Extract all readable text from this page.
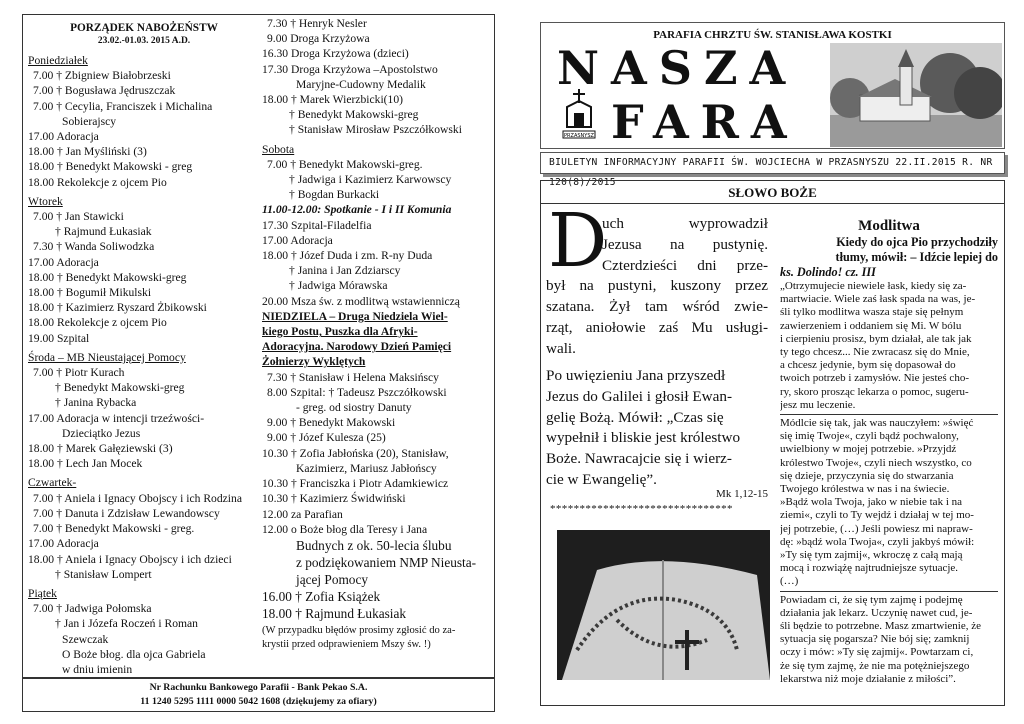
PORZĄDEK NABOŻEŃSTW
23.02.-01.03. 2015 A.D.
Poniedziałek
7.00 † Zbigniew Białobrzeski
7.00 † Bogusława Jędruszczak
7.00 † Cecylia, Franciszek i Michalina
Sobierajscy
17.00 Adoracja
18.00 † Jan Myśliński (3)
18.00 † Benedykt Makowski - greg
18.00 Rekolekcje z ojcem Pio
Wtorek
7.00 † Jan Stawicki
† Rajmund Łukasiak
7.30 † Wanda Soliwodzka
17.00 Adoracja
18.00 † Benedykt Makowski-greg
18.00 † Bogumił Mikulski
18.00 † Kazimierz Ryszard Żbikowski
18.00 Rekolekcje z ojcem Pio
19.00 Szpital
Środa – MB Nieustającej Pomocy
7.00 † Piotr Kurach
† Benedykt Makowski-greg
† Janina Rybacka
17.00 Adoracja w intencji trzeźwości-
Dzieciątko Jezus
18.00 † Marek Gałęziewski (3)
18.00 † Lech Jan Mocek
Czwartek-
7.00 † Aniela i Ignacy Obojscy i ich Rodzina
7.00 † Danuta i Zdzisław Lewandowscy
7.00 † Benedykt Makowski - greg.
17.00 Adoracja
18.00 † Aniela i Ignacy Obojscy i ich dzieci
† Stanisław Lompert
Piątek
7.00 † Jadwiga Połomska
† Jan i Józefa Roczeń i Roman
Szewczak
O Boże błog. dla ojca Gabriela
w dniu imienin
7.30 † Henryk Nesler
9.00 Droga Krzyżowa
16.30 Droga Krzyżowa (dzieci)
17.30 Droga Krzyżowa –Apostolstwo
Maryjne-Cudowny Medalik
18.00 † Marek Wierzbicki(10)
† Benedykt Makowski-greg
† Stanisław Mirosław Pszczółkowski
Sobota
7.00 † Benedykt Makowski-greg.
† Jadwiga i Kazimierz Karwowscy
† Bogdan Burkacki
11.00-12.00: Spotkanie - I i II Komunia
17.30 Szpital-Filadelfia
17.00 Adoracja
18.00 † Józef Duda i zm. R-ny Duda
† Janina i Jan Zdziarscy
† Jadwiga Mórawska
20.00 Msza św. z modlitwą wstawienniczą
NIEDZIELA – Druga Niedziela Wiel-
kiego Postu, Puszka dla Afryki-
Adoracyjna. Narodowy Dzień Pamięci
Żołnierzy Wyklętych
7.30 † Stanisław i Helena Maksińscy
8.00 Szpital: † Tadeusz Pszczółkowski
- greg. od siostry Danuty
9.00 † Benedykt Makowski
9.00 † Józef Kulesza (25)
10.30 † Zofia Jabłońska (20), Stanisław,
Kazimierz, Mariusz Jabłońscy
10.30 † Franciszka i Piotr Adamkiewicz
10.30 † Kazimierz Świdwiński
12.00 za Parafian
12.00 o Boże błog dla Teresy i Jana
Budnych z ok. 50-lecia ślubu
z podziękowaniem NMP Nieusta-
jącej Pomocy
16.00 † Zofia Książek
18.00 † Rajmund Łukasiak
(W przypadku błędów prosimy zgłosić do za-
krystii przed odprawieniem Mszy św. !)
Nr Rachunku Bankowego Parafii - Bank Pekao S.A.
11 1240 5295 1111 0000 5042 1608 (dziękujemy za ofiary)
PARAFIA CHRZTU ŚW. STANISŁAWA KOSTKI
NASZA
FARA
PRZASNYSZ
BIULETYN INFORMACYJNY PARAFII ŚW. WOJCIECHA W PRZASNYSZU 22.II.2015 R. NR 120(8)/2015
SŁOWO BOŻE
D
uch wyprowadził
Jezusa na pustynię.
Czterdzieści dni prze-
był na pustyni, kuszony przez
szatana. Żył tam wśród zwie-
rząt, aniołowie zaś Mu usługi-
wali.
Po uwięzieniu Jana przyszedł
Jezus do Galilei i głosił Ewan-
gelię Bożą. Mówił: „Czas się
wypełnił i bliskie jest królestwo
Boże. Nawracajcie się i wierz-
cie w Ewangelię”.
Mk 1,12-15
*******************************
Modlitwa
Kiedy do ojca Pio przychodziły
tłumy, mówił: – Idźcie lepiej do
ks. Dolindo! cz. III
„Otrzymujecie niewiele łask, kiedy się za-
martwiacie. Wiele zaś łask spada na was, je-
śli tylko modlitwa wasza staje się pełnym
zawierzeniem i oddaniem się Mi. W bólu
i cierpieniu prosisz, bym działał, ale tak jak
ty tego chcesz... Nie zwracasz się do Mnie,
a chcesz jedynie, bym się dopasował do
twoich potrzeb i zamysłów. Nie jesteś cho-
ry, skoro prosząc lekarza o pomoc, sugeru-
jesz mu leczenie.
Módlcie się tak, jak was nauczyłem: »święć
się imię Twoje«, czyli bądź pochwalony,
uwielbiony w mojej potrzebie. »Przyjdź
królestwo Twoje«, czyli niech wszystko, co
się dzieje, przyczynia się do stwarzania
Twojego królestwa w nas i na świecie.
»Bądź wola Twoja, jako w niebie tak i na
ziemi«, czyli to Ty wejdź i działaj w tej mo-
jej potrzebie, (…) Jeśli powiesz mi napraw-
dę: »bądź wola Twoja«, czyli jakbyś mówił:
»Ty się tym zajmij«, wkroczę z całą mają
mocą i rozwiążę najtrudniejsze sytuacje.
(…)
Powiadam ci, że się tym zajmę i podejmę
działania jak lekarz. Uczynię nawet cud, je-
śli będzie to potrzebne. Masz zmartwienie, że
sytuacja się pogarsza? Nie bój się; zamknij
oczy i mów: »Ty się zajmij«. Powtarzam ci,
że się tym zajmę, że nie ma potężniejszego
lekarstwa niż moje działanie z miłości”.
